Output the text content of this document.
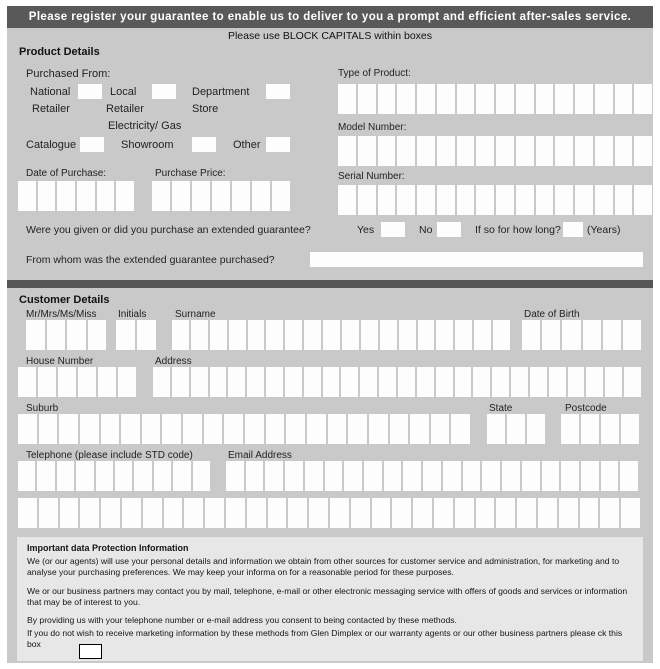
Please register your guarantee to enable us to deliver to you a prompt and efficient after-sales service.
Please use BLOCK CAPITALS within boxes
Product Details
Purchased From:
National	Local	Department
Retailer	Retailer	Store
Electricity/ Gas
Catalogue	Showroom	Other
Date of Purchase:	Purchase Price:
Type of Product:
Model Number:
Serial Number:
Were you given or did you purchase an extended guarantee?	Yes	No	If so for how long? (Years)
From whom was the extended guarantee purchased?
Customer Details
Mr/Mrs/Ms/Miss Initials	Surname	Date of Birth
House Number	Address
Suburb	State	Postcode
Telephone (please include STD code)	Email Address
Important data Protection Information

We (or our agents) will use your personal details and information we obtain from other sources for customer service and administration, for marketing and to analyse your purchasing preferences. We may keep your informa on for a reasonable period for these purposes.

We or our business partners may contact you by mail, telephone, e-mail or other electronic messaging service with offers of goods and services or information that may be of interest to you.

By providing us with your telephone number or e-mail address you consent to being contacted by these methods.

If you do not wish to receive marketing information by these methods from Glen Dimplex or our warranty agents or our other business partners please ck this box
